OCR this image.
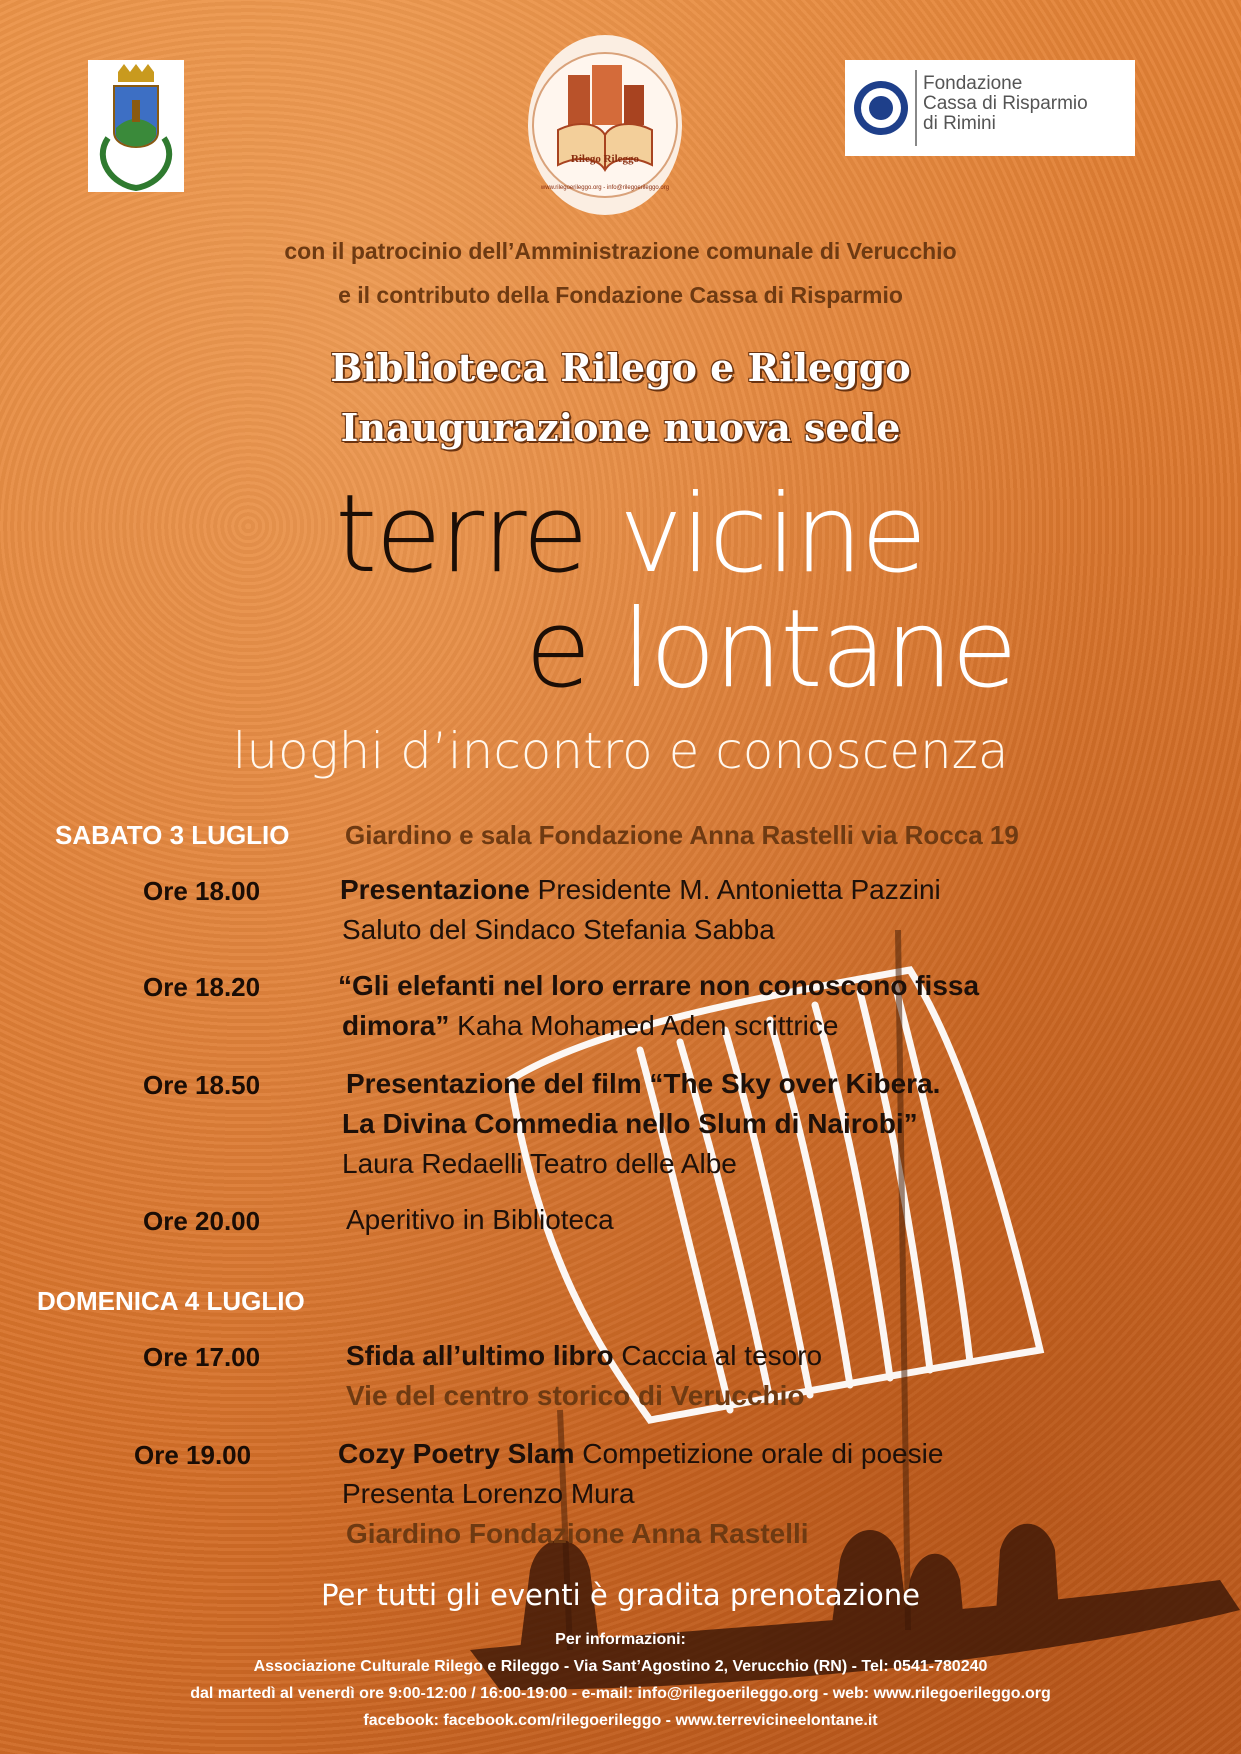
Rilego Rileggo
www.rilegoerileggo.org - info@rilegoerileggo.org
Fondazione
Cassa di Risparmio
di Rimini
con il patrocinio dell’Amministrazione comunale di Verucchio
e il contributo della Fondazione Cassa di Risparmio
Biblioteca Rilego e Rileggo
Inaugurazione nuova sede
terre vicine
e lontane
luoghi d’incontro e conoscenza
SABATO 3 LUGLIO Giardino e sala Fondazione Anna Rastelli via Rocca 19
Ore 18.00	Presentazione Presidente M. Antonietta Pazzini
Saluto del Sindaco Stefania Sabba
Ore 18.20	“Gli elefanti nel loro errare non conoscono fissa
dimora” Kaha Mohamed Aden scrittrice
Ore 18.50	Presentazione del film “The Sky over Kibera.
La Divina Commedia nello Slum di Nairobi”
Laura Redaelli Teatro delle Albe
Ore 20.00	Aperitivo in Biblioteca
DOMENICA 4 LUGLIO
Ore 17.00	Sfida all’ultimo libro Caccia al tesoro
Vie del centro storico di Verucchio
Ore 19.00	Cozy Poetry Slam Competizione orale di poesie
Presenta Lorenzo Mura
Giardino Fondazione Anna Rastelli
Per tutti gli eventi è gradita prenotazione
Per informazioni:
Associazione Culturale Rilego e Rileggo - Via Sant’Agostino 2, Verucchio (RN) - Tel: 0541-780240
dal martedì al venerdì ore 9:00-12:00 / 16:00-19:00 - e-mail: info@rilegoerileggo.org - web: www.rilegoerileggo.org
facebook: facebook.com/rilegoerileggo - www.terrevicineelontane.it
